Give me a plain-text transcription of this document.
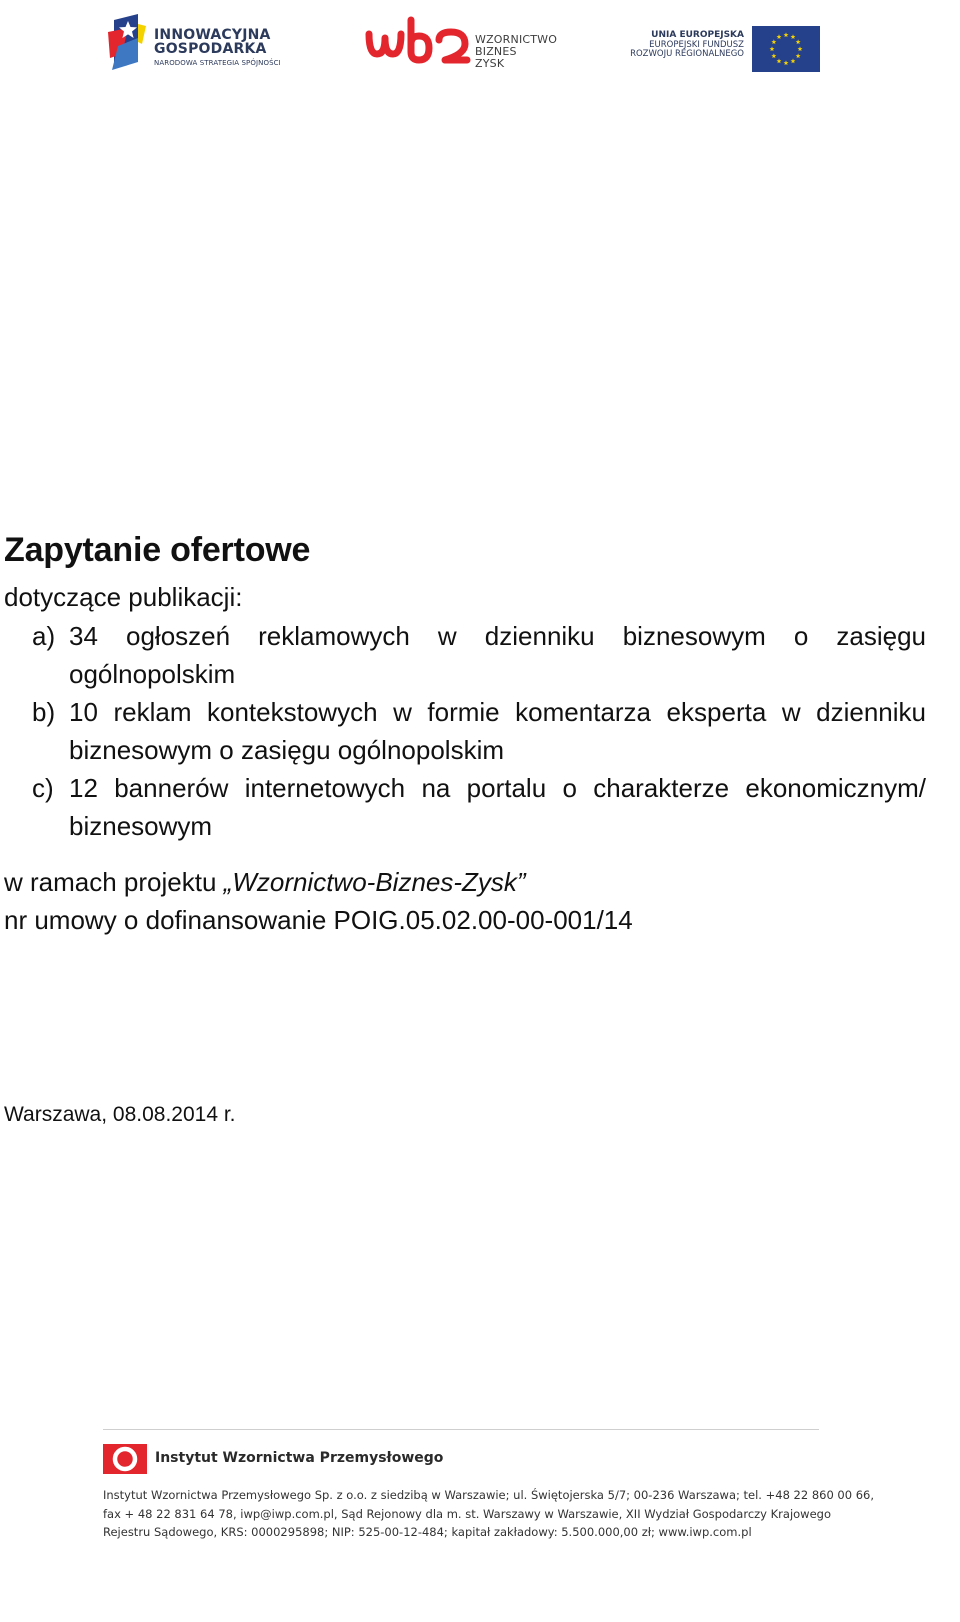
INNOWACYJNA
GOSPODARKA
NARODOWA STRATEGIA SPÓJNOŚCI
WZORNICTWO
BIZNES
ZYSK
UNIA EUROPEJSKA
EUROPEJSKI FUNDUSZ
ROZWOJU REGIONALNEGO
Zapytanie ofertowe
dotyczące publikacji:
a) 34 ogłoszeń reklamowych w dzienniku biznesowym o zasięgu ogólnopolskim
b) 10 reklam kontekstowych w formie komentarza eksperta w dzienniku biznesowym o zasięgu ogólnopolskim
c) 12 bannerów internetowych na portalu o charakterze ekonomicznym/ biznesowym
w ramach projektu „Wzornictwo-Biznes-Zysk”
nr umowy o dofinansowanie POIG.05.02.00-00-001/14
Warszawa, 08.08.2014 r.
Instytut Wzornictwa Przemysłowego
Instytut Wzornictwa Przemysłowego Sp. z o.o. z siedzibą w Warszawie; ul. Świętojerska 5/7; 00-236 Warszawa; tel. +48 22 860 00 66,
fax + 48 22 831 64 78, iwp@iwp.com.pl, Sąd Rejonowy dla m. st. Warszawy w Warszawie, XII Wydział Gospodarczy Krajowego
Rejestru Sądowego, KRS: 0000295898; NIP: 525-00-12-484; kapitał zakładowy: 5.500.000,00 zł; www.iwp.com.pl
